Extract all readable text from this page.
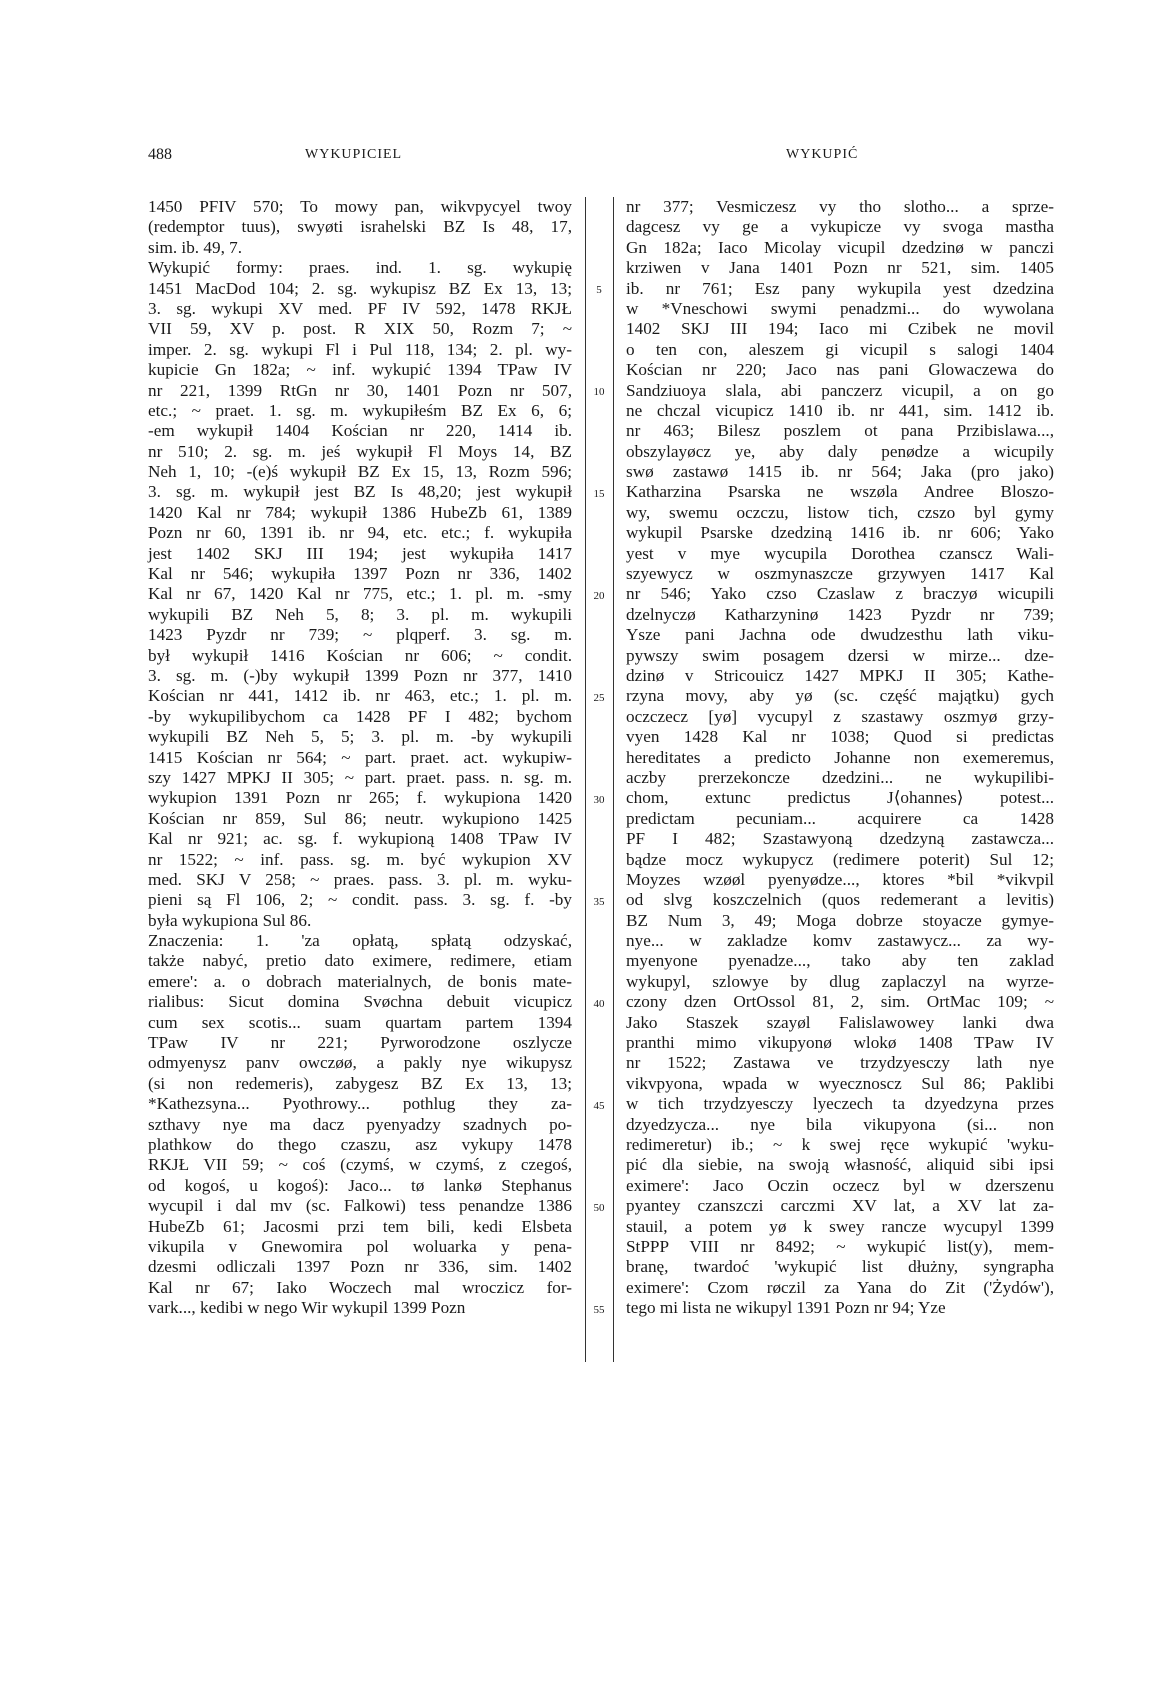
488	WYKUPICIEL	WYKUPIĆ
1450 PFIV 570; To mowy pan, wikvpycyel twoy
(redemptor tuus), swyøti israhelski BZ Is 48, 17,
sim. ib. 49, 7.
Wykupić formy: praes. ind. 1. sg. wykupię
1451 MacDod 104; 2. sg. wykupisz BZ Ex 13, 13;
3. sg. wykupi XV med. PF IV 592, 1478 RKJŁ
VII 59, XV p. post. R XIX 50, Rozm 7; ~
imper. 2. sg. wykupi Fl i Pul 118, 134; 2. pl. wy-
kupicie Gn 182a; ~ inf. wykupić 1394 TPaw IV
nr 221, 1399 RtGn nr 30, 1401 Pozn nr 507,
etc.; ~ praet. 1. sg. m. wykupiłeśm BZ Ex 6, 6;
-em wykupił 1404 Kościan nr 220, 1414 ib.
nr 510; 2. sg. m. jeś wykupił Fl Moys 14, BZ
Neh 1, 10; -(e)ś wykupił BZ Ex 15, 13, Rozm 596;
3. sg. m. wykupił jest BZ Is 48,20; jest wykupił
1420 Kal nr 784; wykupił 1386 HubeZb 61, 1389
Pozn nr 60, 1391 ib. nr 94, etc. etc.; f. wykupiła
jest 1402 SKJ III 194; jest wykupiła 1417
Kal nr 546; wykupiła 1397 Pozn nr 336, 1402
Kal nr 67, 1420 Kal nr 775, etc.; 1. pl. m. -smy
wykupili BZ Neh 5, 8; 3. pl. m. wykupili
1423 Pyzdr nr 739; ~ plqperf. 3. sg. m.
był wykupił 1416 Kościan nr 606; ~ condit.
3. sg. m. (-)by wykupił 1399 Pozn nr 377, 1410
Kościan nr 441, 1412 ib. nr 463, etc.; 1. pl. m.
-by wykupilibychom ca 1428 PF I 482; bychom
wykupili BZ Neh 5, 5; 3. pl. m. -by wykupili
1415 Kościan nr 564; ~ part. praet. act. wykupiw-
szy 1427 MPKJ II 305; ~ part. praet. pass. n. sg. m.
wykupion 1391 Pozn nr 265; f. wykupiona 1420
Kościan nr 859, Sul 86; neutr. wykupiono 1425
Kal nr 921; ac. sg. f. wykupioną 1408 TPaw IV
nr 1522; ~ inf. pass. sg. m. być wykupion XV
med. SKJ V 258; ~ praes. pass. 3. pl. m. wyku-
pieni są Fl 106, 2; ~ condit. pass. 3. sg. f. -by
była wykupiona Sul 86.
Znaczenia: 1. 'za opłatą, spłatą odzyskać,
także nabyć, pretio dato eximere, redimere, etiam
emere': a. o dobrach materialnych, de bonis mate-
rialibus: Sicut domina Svøchna debuit vicupicz
cum sex scotis... suam quartam partem 1394
TPaw IV nr 221; Pyrworodzone oszlycze
odmyenysz panv owczøø, a pakly nye wikupysz
(si non redemeris), zabygesz BZ Ex 13, 13;
*Kathezsyna... Pyothrowy... pothlug they za-
szthavy nye ma dacz pyenyadzy szadnych po-
plathkow do thego czaszu, asz vykupy 1478
RKJŁ VII 59; ~ coś (czymś, w czymś, z czegoś,
od kogoś, u kogoś): Jaco... tø lankø Stephanus
wycupil i dal mv (sc. Falkowi) tess penandze 1386
HubeZb 61; Jacosmi przi tem bili, kedi Elsbeta
vikupila v Gnewomira pol woluarka y pena-
dzesmi odliczali 1397 Pozn nr 336, sim. 1402
Kal nr 67; Iako Woczech mal wroczicz for-
vark..., kedibi w nego Wir wykupil 1399 Pozn
5
10
15
20
25
30
35
40
45
50
55
nr 377; Vesmiczesz vy tho slotho... a sprze-
dagcesz vy ge a vykupicze vy svoga mastha
Gn 182a; Iaco Micolay vicupil dzedzinø w panczi
krziwen v Jana 1401 Pozn nr 521, sim. 1405
ib. nr 761; Esz pany wykupila yest dzedzina
w *Vneschowi swymi penadzmi... do wywolana
1402 SKJ III 194; Iaco mi Czibek ne movil
o ten con, aleszem gi vicupil s salogi 1404
Kościan nr 220; Jaco nas pani Glowaczewa do
Sandziuoya slala, abi panczerz vicupil, a on go
ne chczal vicupicz 1410 ib. nr 441, sim. 1412 ib.
nr 463; Bilesz poszlem ot pana Przibislawa...,
obszylayøcz ye, aby daly penødze a wicupily
swø zastawø 1415 ib. nr 564; Jaka (pro jako)
Katharzina Psarska ne wszøla Andree Bloszo-
wy, swemu oczczu, listow tich, czszo byl gymy
wykupil Psarske dzedziną 1416 ib. nr 606; Yako
yest v mye wycupila Dorothea czanscz Wali-
szyewycz w oszmynaszcze grzywyen 1417 Kal
nr 546; Yako czso Czaslaw z braczyø wicupili
dzelnyczø Katharzyninø 1423 Pyzdr nr 739;
Ysze pani Jachna ode dwudzesthu lath viku-
pywszy swim posagem dzersi w mirze... dze-
dzinø v Stricouicz 1427 MPKJ II 305; Kathe-
rzyna movy, aby yø (sc. część majątku) gych
oczczecz [yø] vycupyl z szastawy oszmyø grzy-
vyen 1428 Kal nr 1038; Quod si predictas
hereditates a predicto Johanne non exemeremus,
aczby prerzekoncze dzedzini... ne wykupilibi-
chom, extunc predictus J⟨ohannes⟩ potest...
predictam pecuniam... acquirere ca 1428
PF I 482; Szastawyoną dzedzyną zastawcza...
bądze mocz wykupycz (redimere poterit) Sul 12;
Moyzes wzøøl pyenyødze..., ktores *bil *vikvpil
od slvg koszczelnich (quos redemerant a levitis)
BZ Num 3, 49; Moga dobrze stoyacze gymye-
nye... w zakladze komv zastawycz... za wy-
myenyone pyenadze..., tako aby ten zaklad
wykupyl, szlowye by dlug zaplaczyl na wyrze-
czony dzen OrtOssol 81, 2, sim. OrtMac 109; ~
Jako Staszek szayøl Falislawowey lanki dwa
pranthi mimo vikupyonø wlokø 1408 TPaw IV
nr 1522; Zastawa ve trzydzyesczy lath nye
vikvpyona, wpada w wyecznoscz Sul 86; Paklibi
w tich trzydzyesczy lyeczech ta dzyedzyna przes
dzyedzycza... nye bila vikupyona (si... non
redimeretur) ib.; ~ k swej ręce wykupić 'wyku-
pić dla siebie, na swoją własność, aliquid sibi ipsi
eximere': Jaco Oczin oczecz byl w dzerszenu
pyantey czanszczi carczmi XV lat, a XV lat za-
stauil, a potem yø k swey rancze wycupyl 1399
StPPP VIII nr 8492; ~ wykupić list(y), mem-
branę, twardoć 'wykupić list dłużny, syngrapha
eximere': Czom røczil za Yana do Zit ('Żydów'),
tego mi lista ne wikupyl 1391 Pozn nr 94; Yze
